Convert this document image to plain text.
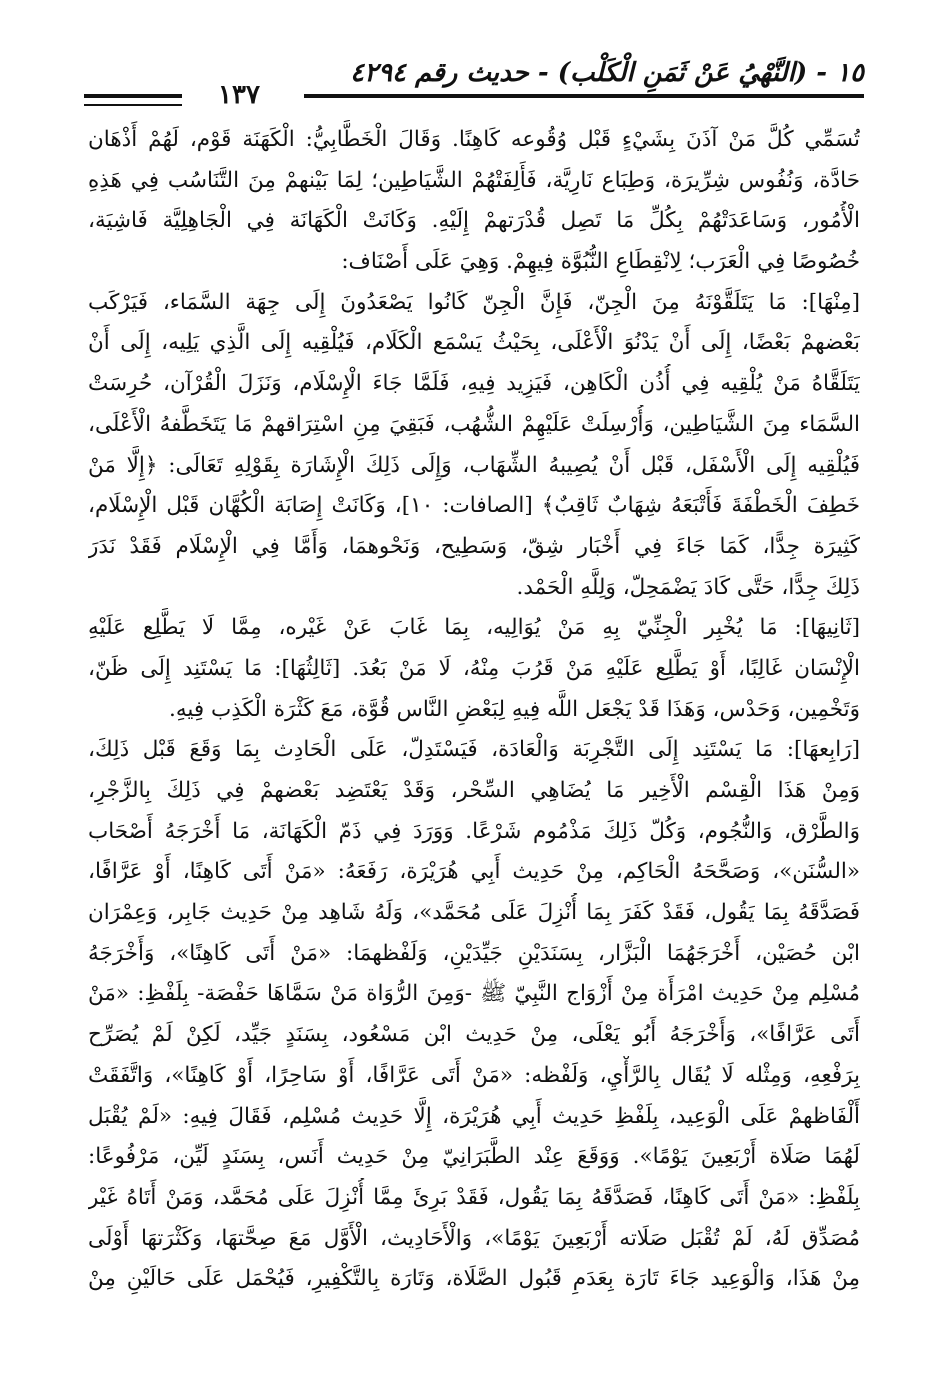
١٥ - (النَّهْيُ عَنْ ثَمَنِ الْكَلْب) - حديث رقم ٤٢٩٤
١٣٧
تُسَمِّي كُلَّ مَنْ آذَنَ بِشَيْءٍ قَبْل وُقُوعه كَاهِنًا. وَقَالَ الْخَطَّابِيُّ: الْكَهَنَة قَوْم، لَهُمْ أَذْهَان
حَادَّة، وَنُفُوس شِرِّيرَة، وَطِبَاع نَارِيَّة، فَأَلِفَتْهُمْ الشَّيَاطِين؛ لِمَا بَيْنهمْ مِنَ التَّنَاسُب فِي هَذِهِ
الْأُمُور، وَسَاعَدَتْهُمْ بِكُلِّ مَا تَصِل قُدْرَتهمْ إِلَيْهِ. وَكَانَتْ الْكَهَانَة فِي الْجَاهِلِيَّة فَاشِيَة،
خُصُوصًا فِي الْعَرَب؛ لِانْقِطَاعِ النُّبُوَّة فِيهِمْ. وَهِيَ عَلَى أَصْنَاف:
[مِنْهَا]: مَا يَتَلَقَّوْنَهُ مِنَ الْجِنّ، فَإِنَّ الْجِنّ كَانُوا يَصْعَدُونَ إِلَى جِهَة السَّمَاء، فَيَرْكَب
بَعْضهمْ بَعْضًا، إِلَى أَنْ يَدْنُوَ الْأَعْلَى، بِحَيْثُ يَسْمَع الْكَلَام، فَيُلْقِيه إِلَى الَّذِي يَلِيه، إِلَى أَنْ
يَتَلَقَّاهُ مَنْ يُلْقِيه فِي أُذُن الْكَاهِن، فَيَزِيد فِيهِ، فَلَمَّا جَاءَ الْإِسْلَام، وَنَزَلَ الْقُرْآن، حُرِسَتْ
السَّمَاء مِنَ الشَّيَاطِين، وَأُرْسِلَتْ عَلَيْهِمْ الشُّهُب، فَبَقِيَ مِنِ اسْتِرَاقهمْ مَا يَتَخَطَّفهُ الْأَعْلَى،
فَيُلْقِيه إِلَى الْأَسْفَل، قَبْل أَنْ يُصِيبهُ الشِّهَاب، وَإِلَى ذَلِكَ الْإِشَارَة بِقَوْلِهِ تَعَالَى: ﴿إِلَّا مَنْ
خَطِفَ الْخَطْفَةَ فَأَتْبَعَهُ شِهَابٌ ثَاقِبٌ﴾ [الصافات: ١٠]، وَكَانَتْ إِصَابَة الْكُهَّان قَبْل الْإِسْلَام،
كَثِيرَة جِدًّا، كَمَا جَاءَ فِي أَخْبَار شِقّ، وَسَطِيح، وَنَحْوهمَا، وَأَمَّا فِي الْإِسْلَام فَقَدْ نَدَرَ
ذَلِكَ جِدًّا، حَتَّى كَادَ يَضْمَحِلّ، وَلِلَّهِ الْحَمْد.
[ثَانِيهَا]: مَا يُخْبِر الْجِنِّيّ بِهِ مَنْ يُوَالِيه، بِمَا غَابَ عَنْ غَيْره، مِمَّا لَا يَطَّلِع عَلَيْهِ
الْإِنْسَان غَالِبًا، أَوْ يَطَّلِع عَلَيْهِ مَنْ قَرُبَ مِنْهُ، لَا مَنْ بَعُدَ. [ثَالِثُهَا]: مَا يَسْتَنِد إِلَى ظَنّ،
وَتَخْمِين، وَحَدْس، وَهَذَا قَدْ يَجْعَل اللَّه فِيهِ لِبَعْضِ النَّاس قُوَّة، مَعَ كَثْرَة الْكَذِب فِيهِ.
[رَابِعهَا]: مَا يَسْتَنِد إِلَى التَّجْرِبَة وَالْعَادَة، فَيَسْتَدِلّ، عَلَى الْحَادِث بِمَا وَقَعَ قَبْل ذَلِكَ،
وَمِنْ هَذَا الْقِسْم الْأَخِير مَا يُضَاهِي السِّحْر، وَقَدْ يَعْتَضِد بَعْضهمْ فِي ذَلِكَ بِالزَّجْرِ،
وَالطَّرْق، وَالنُّجُوم، وَكُلّ ذَلِكَ مَذْمُوم شَرْعًا. وَوَرَدَ فِي ذَمّ الْكَهَانَة، مَا أَخْرَجَهُ أَصْحَاب
«السُّنَن»، وَصَحَّحَهُ الْحَاكِم، مِنْ حَدِيث أَبِي هُرَيْرَة، رَفَعَهُ: «مَنْ أَتَى كَاهِنًا، أَوْ عَرَّافًا،
فَصَدَّقَهُ بِمَا يَقُول، فَقَدْ كَفَرَ بِمَا أُنْزِلَ عَلَى مُحَمَّد»، وَلَهُ شَاهِد مِنْ حَدِيث جَابِر، وَعِمْرَان
ابْن حُصَيْن، أَخْرَجَهُمَا الْبَزَّار، بِسَنَدَيْنِ جَيِّدَيْنِ، وَلَفْظهمَا: «مَنْ أَتَى كَاهِنًا»، وَأَخْرَجَهُ
مُسْلِم مِنْ حَدِيث امْرَأَة مِنْ أَزْوَاج النَّبِيّ ﷺ -وَمِنَ الرُّوَاة مَنْ سَمَّاهَا حَفْصَة- بِلَفْظِ: «مَنْ
أَتَى عَرَّافًا»، وَأَخْرَجَهُ أَبُو يَعْلَى، مِنْ حَدِيث ابْن مَسْعُود، بِسَنَدٍ جَيِّد، لَكِنْ لَمْ يُصَرِّح
بِرَفْعِهِ، وَمِثْله لَا يُقَال بِالرَّأْيِ، وَلَفْظه: «مَنْ أَتَى عَرَّافًا، أَوْ سَاحِرًا، أَوْ كَاهِنًا»، وَاتَّفَقَتْ
أَلْفَاظهمْ عَلَى الْوَعِيد، بِلَفْظِ حَدِيث أَبِي هُرَيْرَة، إِلَّا حَدِيث مُسْلِم، فَقَالَ فِيهِ: «لَمْ يُقْبَل
لَهُمَا صَلَاة أَرْبَعِينَ يَوْمًا». وَوَقَعَ عِنْد الطَّبَرَانِيّ مِنْ حَدِيث أَنَس، بِسَنَدٍ لَيِّن، مَرْفُوعًا:
بِلَفْظِ: «مَنْ أَتَى كَاهِنًا، فَصَدَّقَهُ بِمَا يَقُول، فَقَدْ بَرِئَ مِمَّا أُنْزِلَ عَلَى مُحَمَّد، وَمَنْ أَتَاهُ غَيْر
مُصَدِّق لَهُ، لَمْ تُقْبَل صَلَاته أَرْبَعِينَ يَوْمًا»، وَالْأَحَادِيث، الْأَوَّل مَعَ صِحَّتهَا، وَكَثْرَتهَا أَوْلَى
مِنْ هَذَا، وَالْوَعِيد جَاءَ تَارَة بِعَدَمِ قَبُول الصَّلَاة، وَتَارَة بِالتَّكْفِيرِ، فَيُحْمَل عَلَى حَالَيْنِ مِنْ
